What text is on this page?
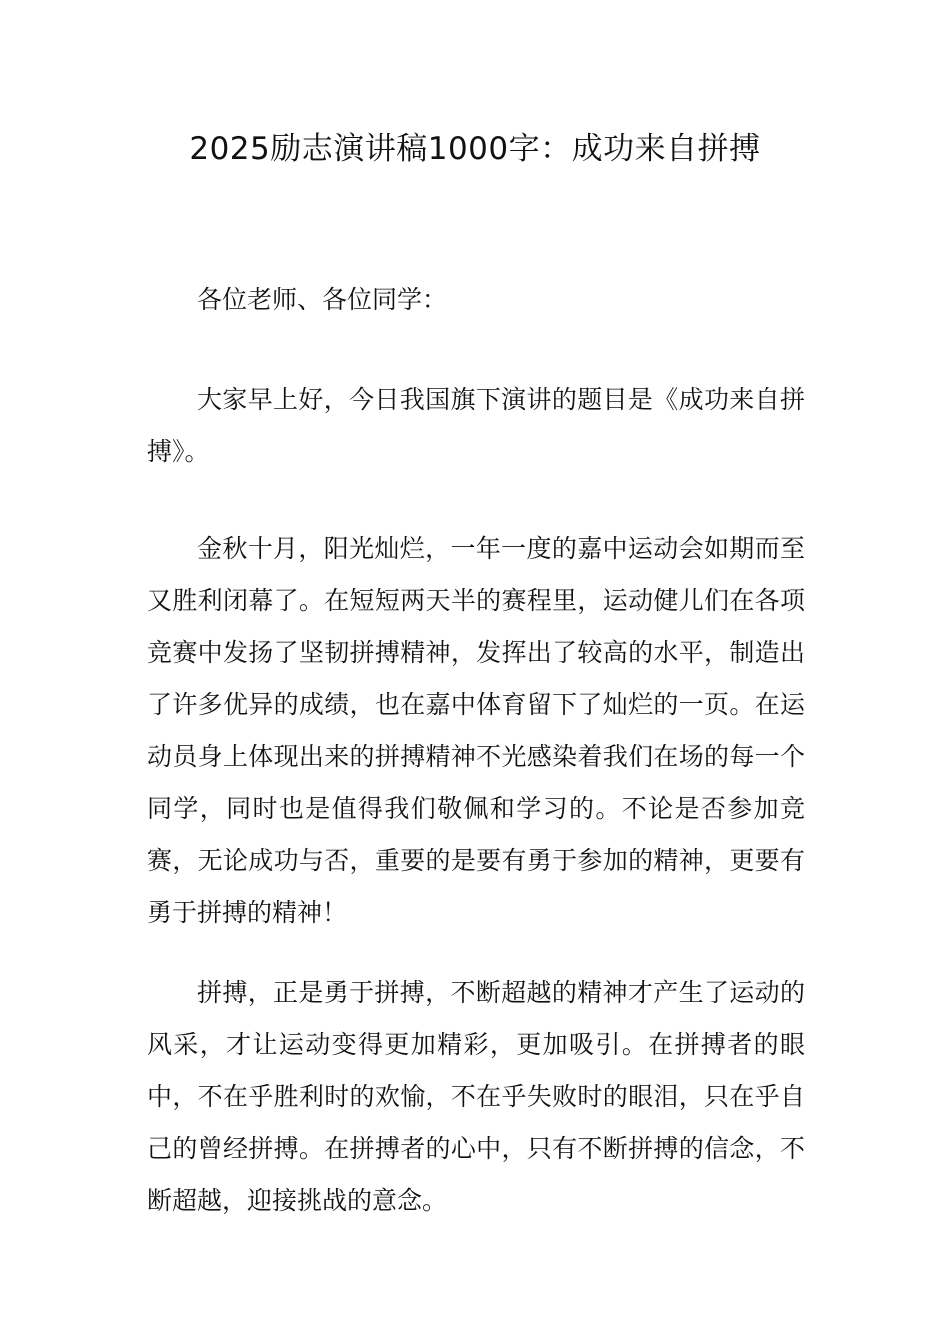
2025励志演讲稿1000字：成功来自拼搏

各位老师、各位同学：

大家早上好，今日我国旗下演讲的题目是《成功来自拼搏》。

金秋十月，阳光灿烂，一年一度的嘉中运动会如期而至又胜利闭幕了。在短短两天半的赛程里，运动健儿们在各项竞赛中发扬了坚韧拼搏精神，发挥出了较高的水平，制造出了许多优异的成绩，也在嘉中体育留下了灿烂的一页。在运动员身上体现出来的拼搏精神不光感染着我们在场的每一个同学，同时也是值得我们敬佩和学习的。不论是否参加竞赛，无论成功与否，重要的是要有勇于参加的精神，更要有勇于拼搏的精神！

拼搏，正是勇于拼搏，不断超越的精神才产生了运动的风采，才让运动变得更加精彩，更加吸引。在拼搏者的眼中，不在乎胜利时的欢愉，不在乎失败时的眼泪，只在乎自己的曾经拼搏。在拼搏者的心中，只有不断拼搏的信念，不断超越，迎接挑战的意念。
